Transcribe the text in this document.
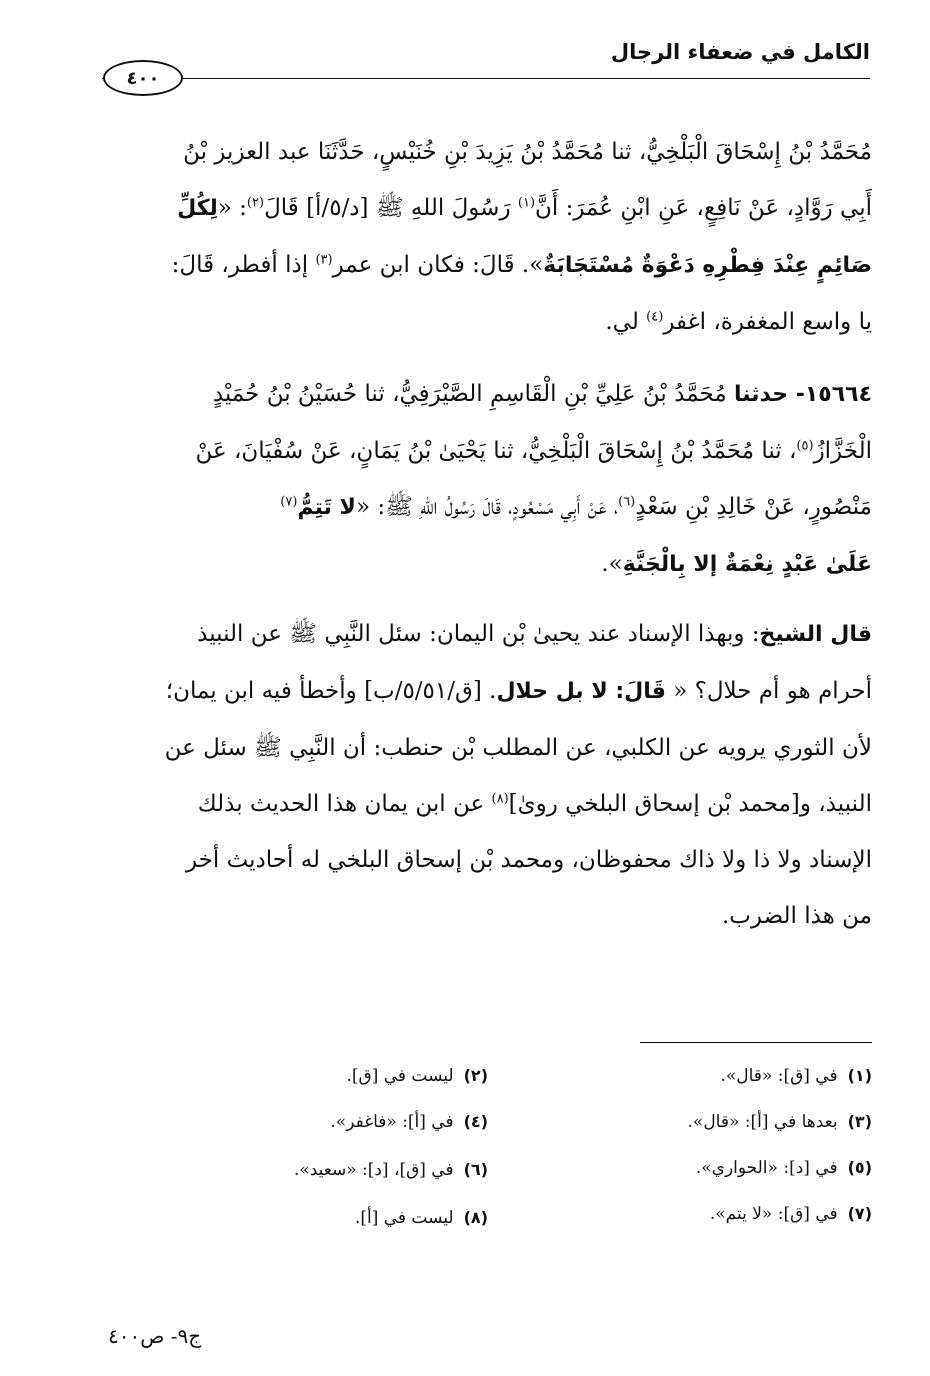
الكامل في ضعفاء الرجال
٤٠٠

مُحَمَّدُ بْنُ إِسْحَاقَ الْبَلْخِيُّ، ثنا مُحَمَّدُ بْنُ يَزِيدَ بْنِ خُنَيْسٍ، حَدَّثَنَا عبد العزيز بْنُ
أَبِي رَوَّادٍ، عَنْ نَافِعٍ، عَنِ ابْنِ عُمَرَ: أَنَّ$^{(١)}$ رَسُولَ اللهِ ﷺ [د/٥/أ] قَالَ$^{(٢)}$: «لِكُلِّ
صَائِمٍ عِنْدَ فِطْرِهِ دَعْوَةٌ مُسْتَجَابَةٌ». قَالَ: فكان ابن عمر$^{(٣)}$ إذا أفطر، قَالَ:
يا واسع المغفرة، اغفر$^{(٤)}$ لي.

١٥٦٦٤- حدثنا مُحَمَّدُ بْنُ عَلِيِّ بْنِ الْقَاسِمِ الصَّيْرَفِيُّ، ثنا حُسَيْنُ بْنُ حُمَيْدٍ
الْخَزَّازُ$^{(٥)}$، ثنا مُحَمَّدُ بْنُ إِسْحَاقَ الْبَلْخِيُّ، ثنا يَحْيَىٰ بْنُ يَمَانٍ، عَنْ سُفْيَانَ، عَنْ
مَنْصُورٍ، عَنْ خَالِدِ بْنِ سَعْدٍ$^{(٦)}$، عَنْ أَبِي مَسْعُودٍ، قَالَ رَسُولُ اللهِ ﷺ: «لا تَتِمُّ$^{(٧)}$
عَلَىٰ عَبْدٍ نِعْمَةٌ إلا بِالْجَنَّةِ».

قال الشيخ: وبهذا الإسناد عند يحيىٰ بْن اليمان: سئل النَّبِي ﷺ عن النبيذ
أحرام هو أم حلال؟ « قَالَ: لا بل حلال. [ق/٥/٥١/ب] وأخطأ فيه ابن يمان؛
لأن الثوري يرويه عن الكلبي، عن المطلب بْن حنطب: أن النَّبِي ﷺ سئل عن
النبيذ، و[محمد بْن إسحاق البلخي روىٰ]$^{(٨)}$ عن ابن يمان هذا الحديث بذلك
الإسناد ولا ذا ولا ذاك محفوظان، ومحمد بْن إسحاق البلخي له أحاديث أخر
من هذا الضرب.

(١)في [ق]: «قال».
(٢)ليست في [ق].
(٣)بعدها في [أ]: «قال».
(٤)في [أ]: «فاغفر».
(٥)في [د]: «الحواري».
(٦)في [ق]، [د]: «سعيد».
(٧)في [ق]: «لا يتم».
(٨)ليست في [أ].
ج٩- ص٤٠٠
